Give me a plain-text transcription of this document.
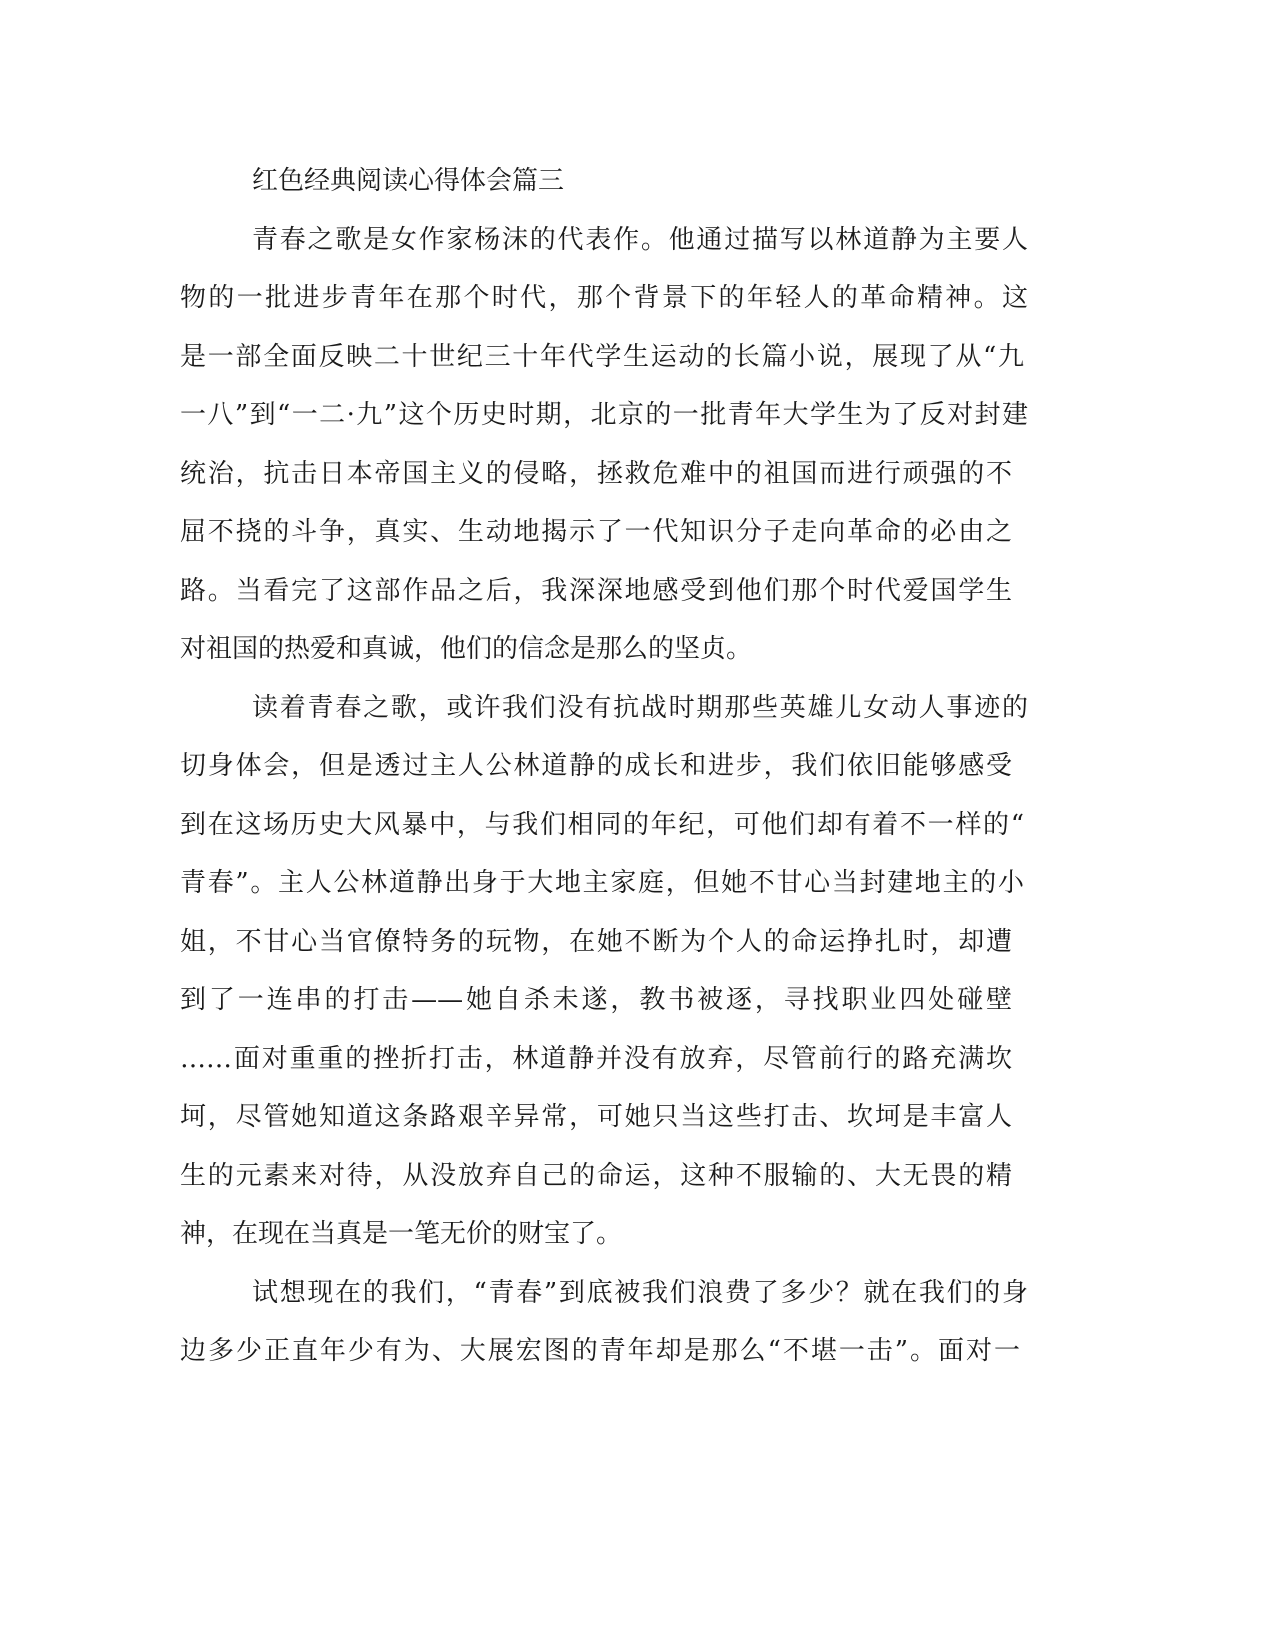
红色经典阅读心得体会篇三

青春之歌是女作家杨沫的代表作。他通过描写以林道静为主要人

物的一批进步青年在那个时代，那个背景下的年轻人的革命精神。这

是一部全面反映二十世纪三十年代学生运动的长篇小说，展现了从“九

一八”到“一二·九”这个历史时期，北京的一批青年大学生为了反对封建

统治，抗击日本帝国主义的侵略，拯救危难中的祖国而进行顽强的不

屈不挠的斗争，真实、生动地揭示了一代知识分子走向革命的必由之

路。当看完了这部作品之后，我深深地感受到他们那个时代爱国学生

对祖国的热爱和真诚，他们的信念是那么的坚贞。

读着青春之歌，或许我们没有抗战时期那些英雄儿女动人事迹的

切身体会，但是透过主人公林道静的成长和进步，我们依旧能够感受

到在这场历史大风暴中，与我们相同的年纪，可他们却有着不一样的“

青春”。主人公林道静出身于大地主家庭，但她不甘心当封建地主的小

姐，不甘心当官僚特务的玩物，在她不断为个人的命运挣扎时，却遭

到了一连串的打击——她自杀未遂，教书被逐，寻找职业四处碰壁

……面对重重的挫折打击，林道静并没有放弃，尽管前行的路充满坎

坷，尽管她知道这条路艰辛异常，可她只当这些打击、坎坷是丰富人

生的元素来对待，从没放弃自己的命运，这种不服输的、大无畏的精

神，在现在当真是一笔无价的财宝了。

试想现在的我们，“青春”到底被我们浪费了多少？就在我们的身

边多少正直年少有为、大展宏图的青年却是那么“不堪一击”。面对一
